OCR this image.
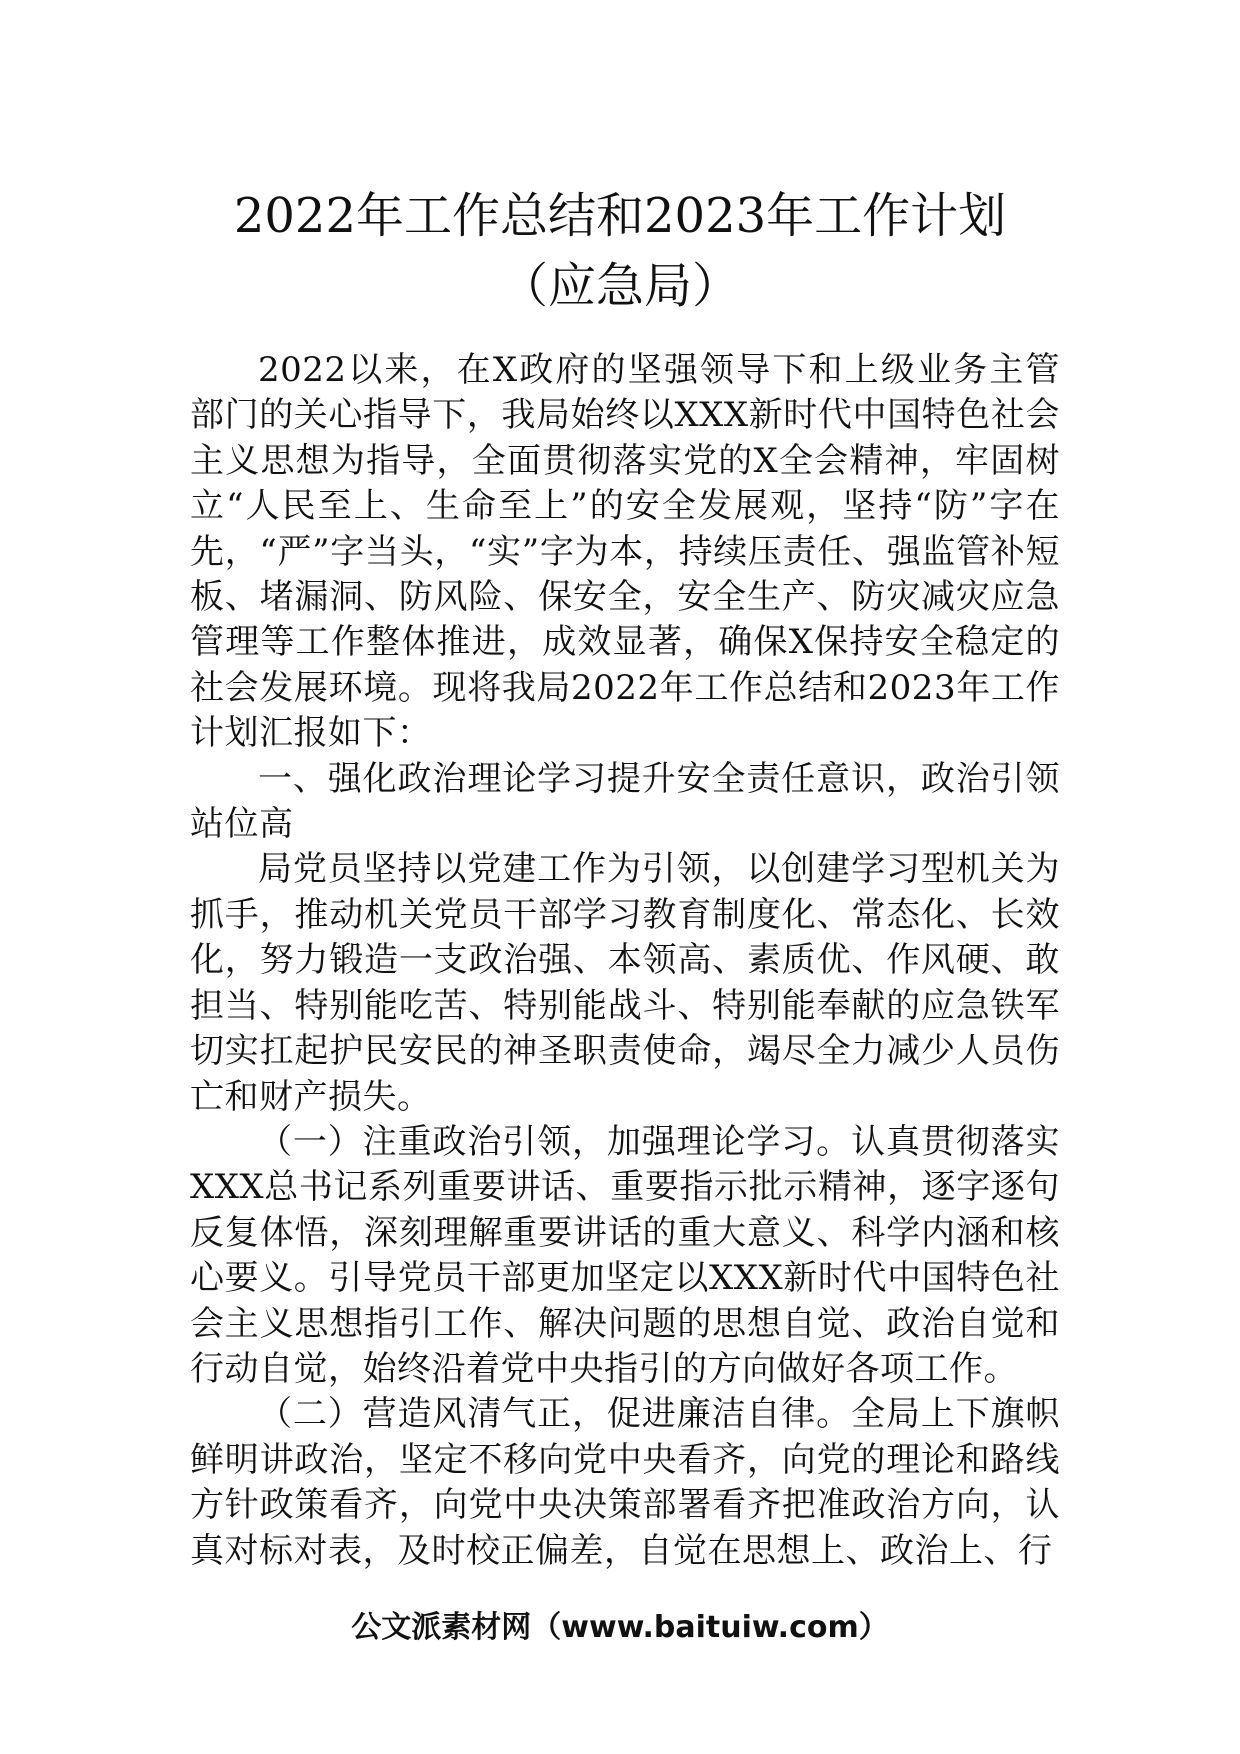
2022年工作总结和2023年工作计划
（应急局）

2022以来，在X政府的坚强领导下和上级业务主管部门的关心指导下，我局始终以XXX新时代中国特色社会主义思想为指导，全面贯彻落实党的X全会精神，牢固树立“人民至上、生命至上”的安全发展观，坚持“防”字在先，“严”字当头，“实”字为本，持续压责任、强监管补短板、堵漏洞、防风险、保安全，安全生产、防灾减灾应急管理等工作整体推进，成效显著，确保X保持安全稳定的社会发展环境。现将我局2022年工作总结和2023年工作计划汇报如下：

一、强化政治理论学习提升安全责任意识，政治引领站位高

局党员坚持以党建工作为引领，以创建学习型机关为抓手，推动机关党员干部学习教育制度化、常态化、长效化，努力锻造一支政治强、本领高、素质优、作风硬、敢担当、特别能吃苦、特别能战斗、特别能奉献的应急铁军切实扛起护民安民的神圣职责使命，竭尽全力减少人员伤亡和财产损失。

（一）注重政治引领，加强理论学习。认真贯彻落实XXX总书记系列重要讲话、重要指示批示精神，逐字逐句反复体悟，深刻理解重要讲话的重大意义、科学内涵和核心要义。引导党员干部更加坚定以XXX新时代中国特色社会主义思想指引工作、解决问题的思想自觉、政治自觉和行动自觉，始终沿着党中央指引的方向做好各项工作。

（二）营造风清气正，促进廉洁自律。全局上下旗帜鲜明讲政治，坚定不移向党中央看齐，向党的理论和路线方针政策看齐，向党中央决策部署看齐把准政治方向，认真对标对表，及时校正偏差，自觉在思想上、政治上、行

公文派素材网（www.baituiw.com）
